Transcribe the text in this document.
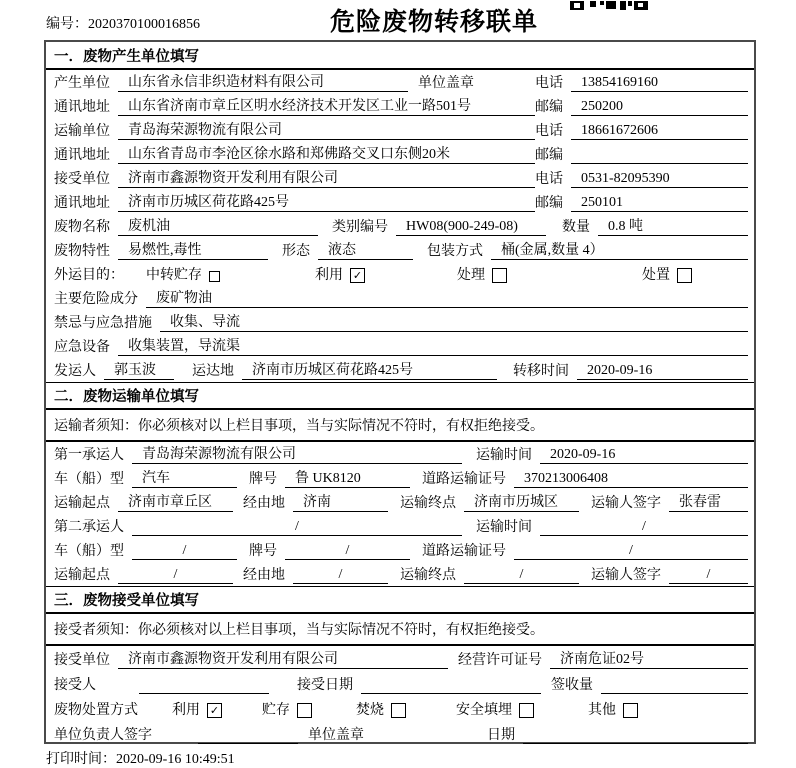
编号：2020370100016856	危险废物转移联单
一．废物产生单位填写
产生单位	山东省永信非织造材料有限公司	单位盖章	电话	13854169160
通讯地址	山东省济南市章丘区明水经济技术开发区工业一路501号	邮编	250200
运输单位	青岛海荣源物流有限公司	电话	18661672606
通讯地址	山东省青岛市李沧区徐水路和郑佛路交叉口东侧20米	邮编
接受单位	济南市鑫源物资开发利用有限公司	电话	0531-82095390
通讯地址	济南市历城区荷花路425号	邮编	250101
废物名称	废机油	类别编号	HW08(900-249-08)	数量	0.8 吨
废物特性	易燃性,毒性	形态	液态	包装方式	桶(金属,数量 4）
外运目的：	中转贮存	利用 ✓	处理	处置
主要危险成分	废矿物油
禁忌与应急措施	收集、导流
应急设备	收集装置，导流渠
发运人	郭玉波	运达地	济南市历城区荷花路425号	转移时间	2020-09-16
二．废物运输单位填写
运输者须知：你必须核对以上栏目事项，当与实际情况不符时，有权拒绝接受。
第一承运人	青岛海荣源物流有限公司	运输时间	2020-09-16
车（船）型	汽车	牌号	鲁 UK8120	道路运输证号	370213006408
运输起点	济南市章丘区	经由地	济南	运输终点	济南市历城区	运输人签字	张春雷
第二承运人	/	运输时间	/
车（船）型	/	牌号	/	道路运输证号	/
运输起点	/	经由地	/	运输终点	/	运输人签字	/
三．废物接受单位填写
接受者须知：你必须核对以上栏目事项，当与实际情况不符时，有权拒绝接受。
接受单位	济南市鑫源物资开发利用有限公司	经营许可证号	济南危证02号
接受人	接受日期	签收量
废物处置方式	利用 ✓	贮存	焚烧	安全填埋	其他
单位负责人签字	单位盖章	日期
打印时间：2020-09-16 10:49:51
